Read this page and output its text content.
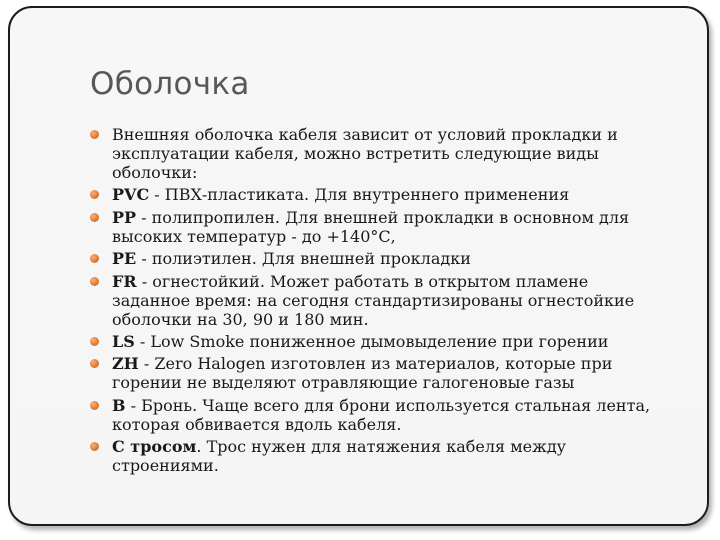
Оболочка
Внешняя оболочка кабеля зависит от условий прокладки и эксплуатации кабеля, можно встретить следующие виды оболочки:
PVC - ПВХ-пластиката. Для внутреннего применения
PP - полипропилен. Для внешней прокладки в основном для высоких температур - до +140°С,
PE - полиэтилен. Для внешней прокладки
FR - огнестойкий. Может работать в открытом пламене заданное время: на сегодня стандартизированы огнестойкие оболочки на 30, 90 и 180 мин.
LS - Low Smoke пониженное дымовыделение при горении
ZH - Zero Halogen изготовлен из материалов, которые при горении не выделяют отравляющие галогеновые газы
B - Бронь. Чаще всего для брони используется стальная лента, которая обвивается вдоль кабеля.
С тросом. Трос нужен для натяжения кабеля между строениями.
